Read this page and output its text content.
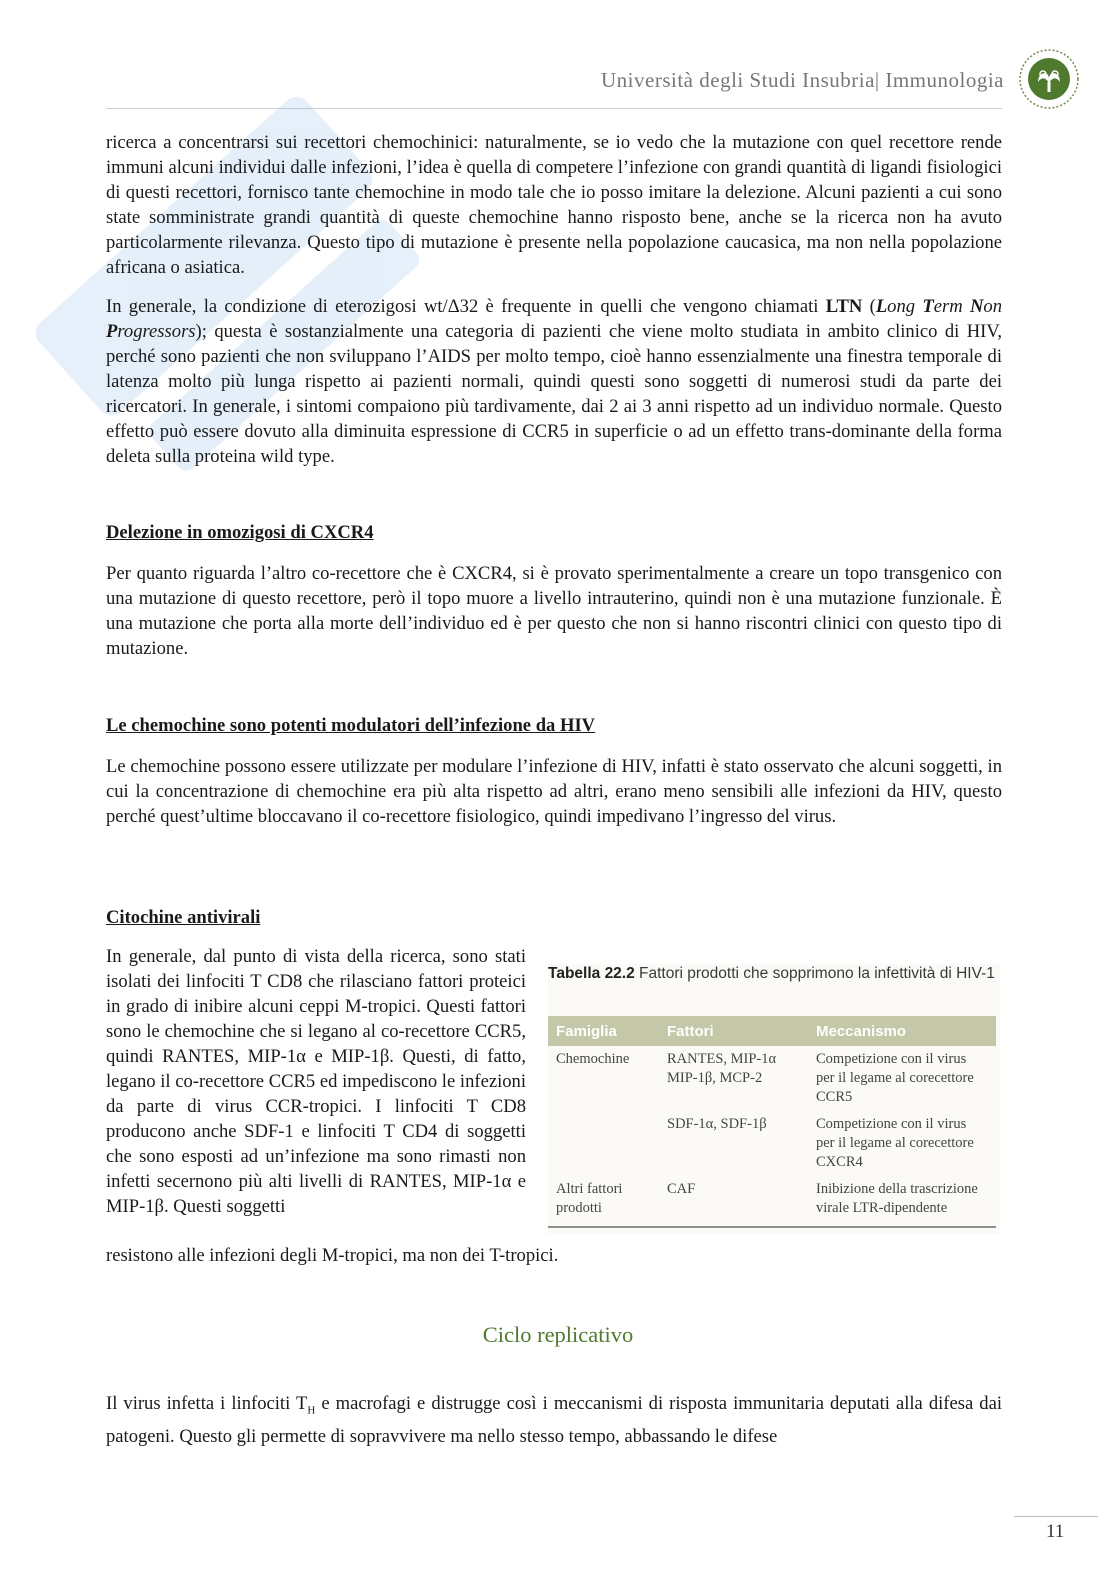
Università degli Studi Insubria| Immunologia

ricerca a concentrarsi sui recettori chemochinici: naturalmente, se io vedo che la mutazione con quel recettore rende immuni alcuni individui dalle infezioni, l’idea è quella di competere l’infezione con grandi quantità di ligandi fisiologici di questi recettori, fornisco tante chemochine in modo tale che io posso imitare la delezione. Alcuni pazienti a cui sono state somministrate grandi quantità di queste chemochine hanno risposto bene, anche se la ricerca non ha avuto particolarmente rilevanza. Questo tipo di mutazione è presente nella popolazione caucasica, ma non nella popolazione africana o asiatica.

In generale, la condizione di eterozigosi wt/Δ32 è frequente in quelli che vengono chiamati LTN (Long Term Non Progressors); questa è sostanzialmente una categoria di pazienti che viene molto studiata in ambito clinico di HIV, perché sono pazienti che non sviluppano l’AIDS per molto tempo, cioè hanno essenzialmente una finestra temporale di latenza molto più lunga rispetto ai pazienti normali, quindi questi sono soggetti di numerosi studi da parte dei ricercatori. In generale, i sintomi compaiono più tardivamente, dai 2 ai 3 anni rispetto ad un individuo normale. Questo effetto può essere dovuto alla diminuita espressione di CCR5 in superficie o ad un effetto trans-dominante della forma deleta sulla proteina wild type.

Delezione in omozigosi di CXCR4

Per quanto riguarda l’altro co-recettore che è CXCR4, si è provato sperimentalmente a creare un topo transgenico con una mutazione di questo recettore, però il topo muore a livello intrauterino, quindi non è una mutazione funzionale. È una mutazione che porta alla morte dell’individuo ed è per questo che non si hanno riscontri clinici con questo tipo di mutazione.

Le chemochine sono potenti modulatori dell’infezione da HIV

Le chemochine possono essere utilizzate per modulare l’infezione di HIV, infatti è stato osservato che alcuni soggetti, in cui la concentrazione di chemochine era più alta rispetto ad altri, erano meno sensibili alle infezioni da HIV, questo perché quest’ultime bloccavano il co-recettore fisiologico, quindi impedivano l’ingresso del virus.

Citochine antivirali
In generale, dal punto di vista della ricerca, sono stati isolati dei linfociti T CD8 che rilasciano fattori proteici in grado di inibire alcuni ceppi M-tropici. Questi fattori sono le chemochine che si legano al co-recettore CCR5, quindi RANTES, MIP-1α e MIP-1β. Questi, di fatto, legano il co-recettore CCR5 ed impediscono le infezioni da parte di virus CCR-tropici. I linfociti T CD8 producono anche SDF-1 e linfociti T CD4 di soggetti che sono esposti ad un’infezione ma sono rimasti non infetti secernono più alti livelli di RANTES, MIP-1α e MIP-1β. Questi soggetti
resistono alle infezioni degli M-tropici, ma non dei T-tropici.
Tabella 22.2 Fattori prodotti che sopprimono la infettività di HIV-1
Famiglia	Fattori	Meccanismo
Chemochine	RANTES, MIP-1α MIP-1β, MCP-2	Competizione con il virus per il legame al corecettore CCR5
	SDF-1α, SDF-1β	Competizione con il virus per il legame al corecettore CXCR4
Altri fattori prodotti	CAF	Inibizione della trascrizione virale LTR-dipendente
Ciclo replicativo

Il virus infetta i linfociti $T_H$ e macrofagi e distrugge così i meccanismi di risposta immunitaria deputati alla difesa dai patogeni. Questo gli permette di sopravvivere ma nello stesso tempo, abbassando le difese

11
